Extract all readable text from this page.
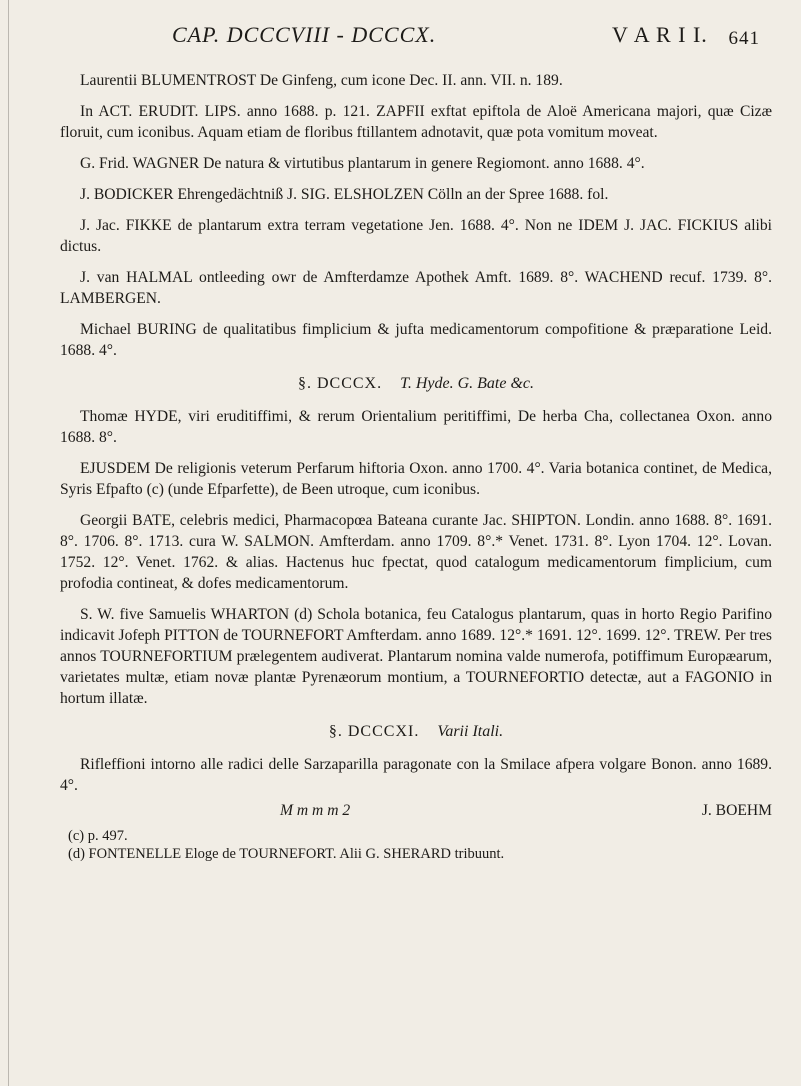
CAP. DCCCVIII - DCCCX.	V A R I I. 641

Laurentii BLUMENTROST De Ginfeng, cum icone Dec. II. ann. VII. n. 189.

In ACT. ERUDIT. LIPS. anno 1688. p. 121. ZAPFII exftat epiftola de Aloë Americana majori, quæ Cizæ floruit, cum iconibus. Aquam etiam de floribus ftillantem adnotavit, quæ pota vomitum moveat.

G. Frid. WAGNER De natura & virtutibus plantarum in genere Regiomont. anno 1688. 4°.

J. BODICKER Ehrengedächtniß J. SIG. ELSHOLZEN Cölln an der Spree 1688. fol.

J. Jac. FIKKE de plantarum extra terram vegetatione Jen. 1688. 4°. Non ne IDEM J. JAC. FICKIUS alibi dictus.

J. van HALMAL ontleeding owr de Amfterdamze Apothek Amft. 1689. 8°. WACHEND recuf. 1739. 8°. LAMBERGEN.

Michael BURING de qualitatibus fimplicium & jufta medicamentorum compofitione & præparatione Leid. 1688. 4°.

§. DCCCX. T. Hyde. G. Bate &c.

Thomæ HYDE, viri eruditiffimi, & rerum Orientalium peritiffimi, De herba Cha, collectanea Oxon. anno 1688. 8°.

EJUSDEM De religionis veterum Perfarum hiftoria Oxon. anno 1700. 4°. Varia botanica continet, de Medica, Syris Efpafto (c) (unde Efparfette), de Been utroque, cum iconibus.

Georgii BATE, celebris medici, Pharmacopœa Bateana curante Jac. SHIPTON. Londin. anno 1688. 8°. 1691. 8°. 1706. 8°. 1713. cura W. SALMON. Amfterdam. anno 1709. 8°.* Venet. 1731. 8°. Lyon 1704. 12°. Lovan. 1752. 12°. Venet. 1762. & alias. Hactenus huc fpectat, quod catalogum medicamentorum fimplicium, cum profodia contineat, & dofes medicamentorum.

S. W. five Samuelis WHARTON (d) Schola botanica, feu Catalogus plantarum, quas in horto Regio Parifino indicavit Jofeph PITTON de TOURNEFORT Amfterdam. anno 1689. 12°.* 1691. 12°. 1699. 12°. TREW. Per tres annos TOURNEFORTIUM prælegentem audiverat. Plantarum nomina valde numerofa, potiffimum Europæarum, varietates multæ, etiam novæ plantæ Pyrenæorum montium, a TOURNEFORTIO detectæ, aut a FAGONIO in hortum illatæ.

§. DCCCXI. Varii Itali.

Rifleffioni intorno alle radici delle Sarzaparilla paragonate con la Smilace afpera volgare Bonon. anno 1689. 4°.

M m m m 2	J. BOEHM
(c) p. 497.
(d) FONTENELLE Eloge de TOURNEFORT. Alii G. SHERARD tribuunt.
